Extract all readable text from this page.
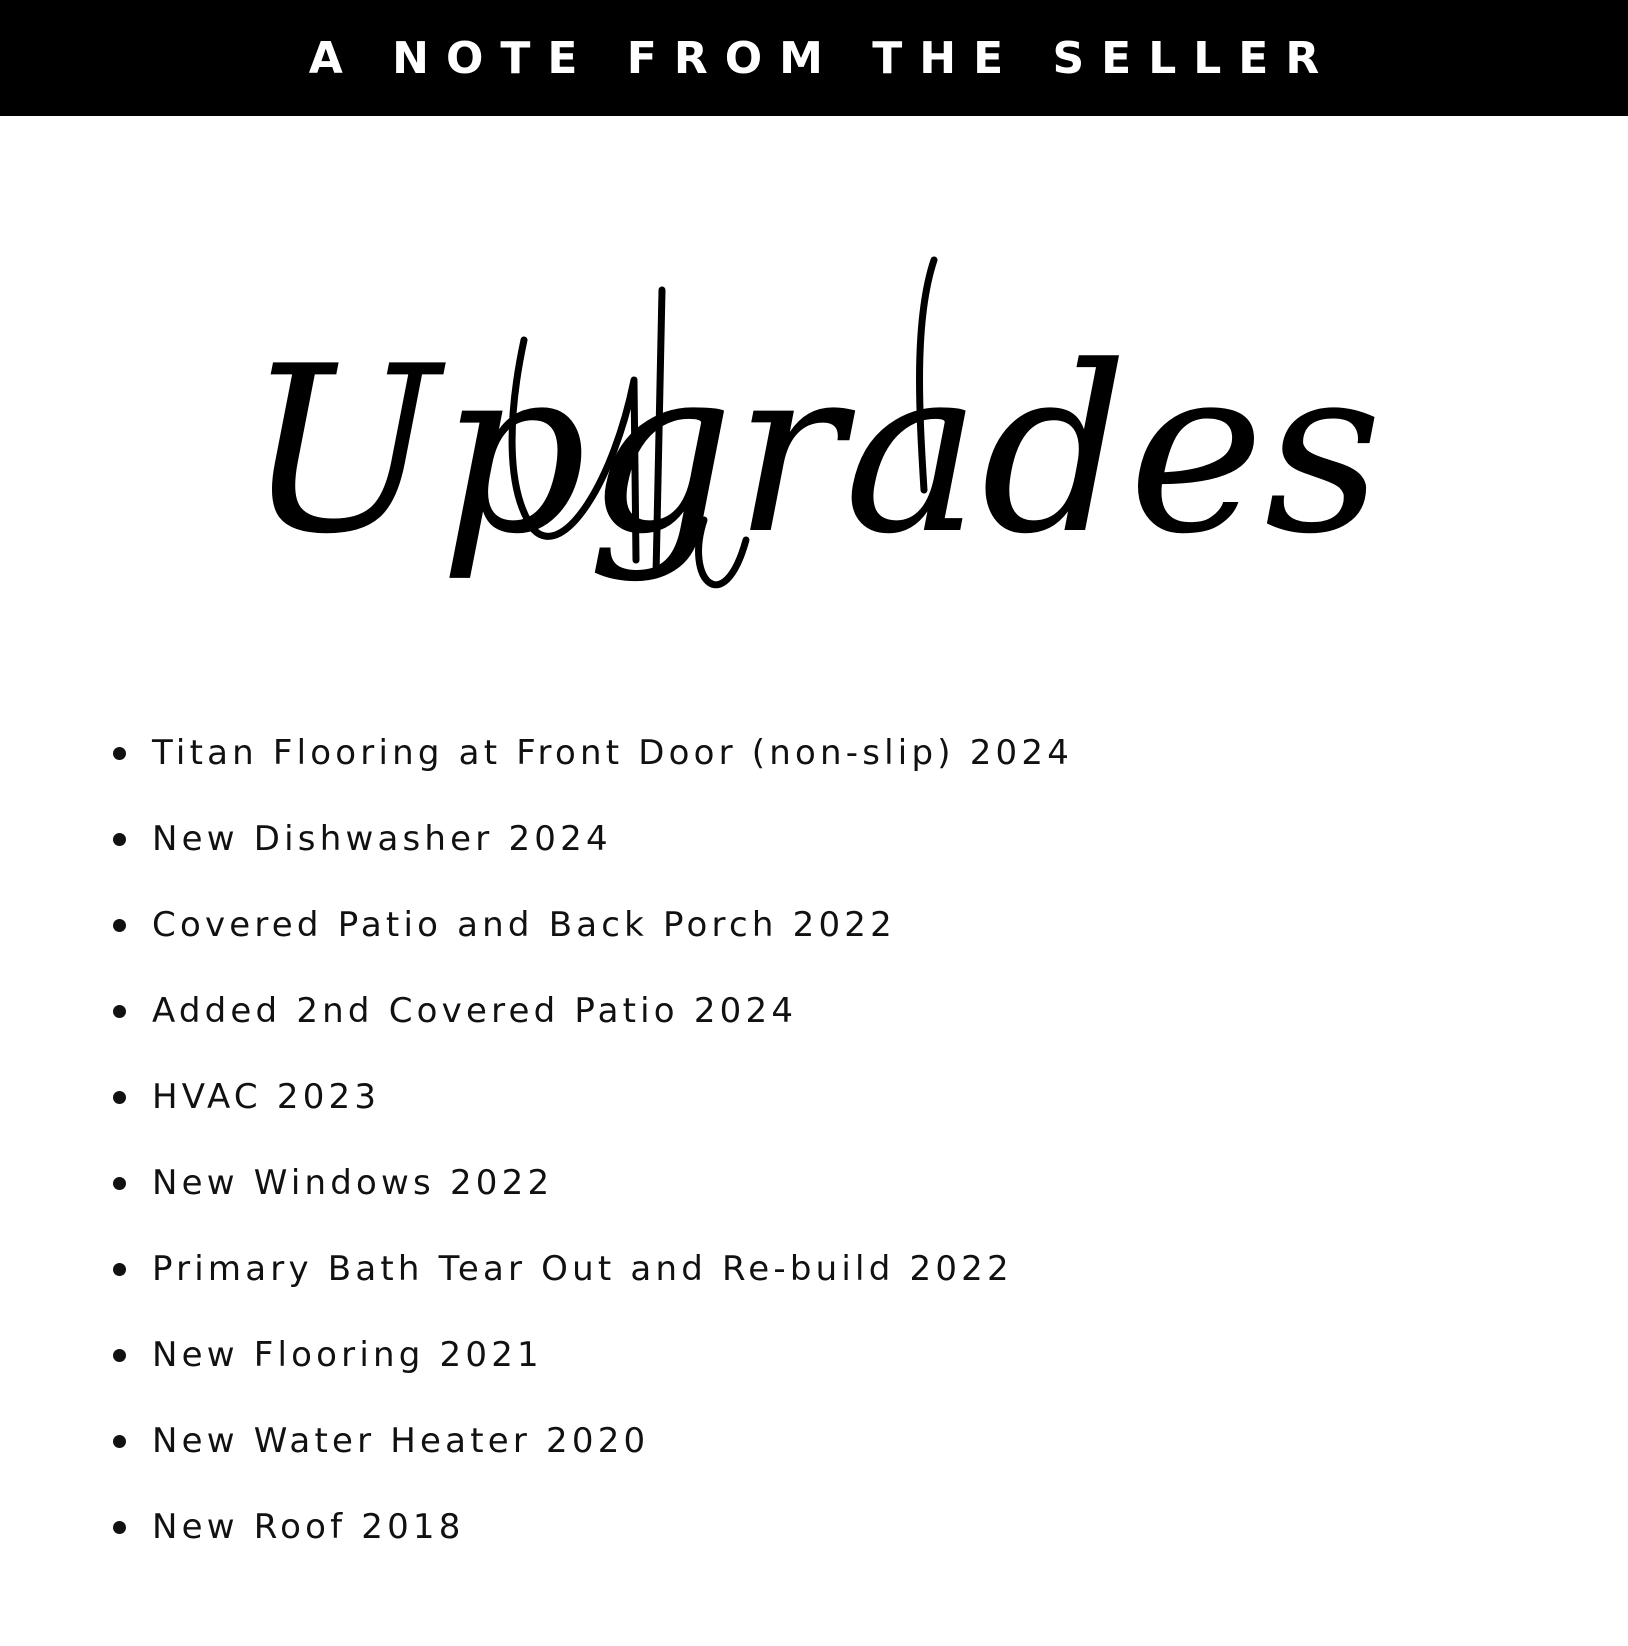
A NOTE FROM THE SELLER
Upgrades
Titan Flooring at Front Door (non-slip) 2024
New Dishwasher 2024
Covered Patio and Back Porch 2022
Added 2nd Covered Patio 2024
HVAC 2023
New Windows 2022
Primary Bath Tear Out and Re-build 2022
New Flooring 2021
New Water Heater 2020
New Roof 2018
